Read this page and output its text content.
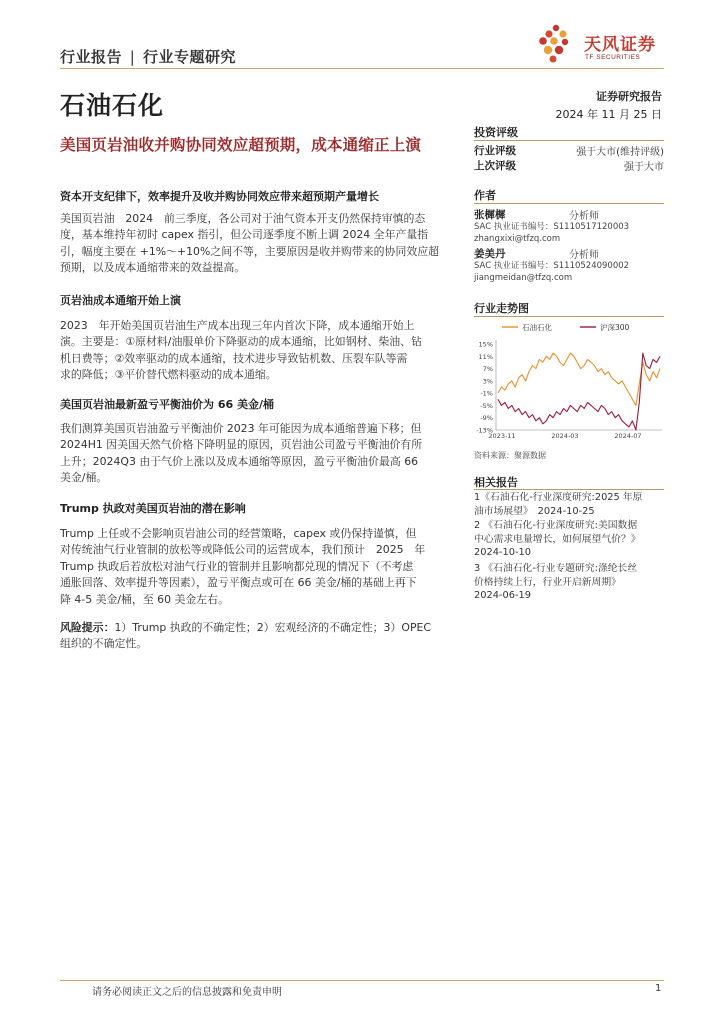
行业报告 | 行业专题研究
天风证券
TF SECURITIES
石油石化
美国页岩油收并购协同效应超预期，成本通缩正上演
证券研究报告
2024 年 11 月 25 日
投资评级
行业评级	强于大市(维持评级)
上次评级	强于大市
作者
张樨樨	分析师
SAC 执业证书编号：S1110517120003
zhangxixi@tfzq.com
姜美丹	分析师
SAC 执业证书编号：S1110524090002
jiangmeidan@tfzq.com
行业走势图
石油石化	沪深300
15%
11%
7%
3%
-1%
-5%
-9%
-13%
2023-11	2024-03	2024-07
资料来源：聚源数据
相关报告
1《石油石化-行业深度研究:2025 年原
油市场展望》　2024-10-25
2 《石油石化-行业深度研究:美国数据
中心需求电量增长，如何展望气价？》
2024-10-10
3 《石油石化-行业专题研究:涤纶长丝
价格持续上行，行业开启新周期》
2024-06-19
资本开支纪律下，效率提升及收并购协同效应带来超预期产量增长
美国页岩油　2024　前三季度，各公司对于油气资本开支仍然保持审慎的态
度，基本维持年初时 capex 指引，但公司逐季度不断上调 2024 全年产量指
引，幅度主要在 +1%～+10%之间不等，主要原因是收并购带来的协同效应超
预期，以及成本通缩带来的效益提高。
页岩油成本通缩开始上演
2023　年开始美国页岩油生产成本出现三年内首次下降，成本通缩开始上
演。主要是：①原材料/油服单价下降驱动的成本通缩，比如钢材、柴油、钻
机日费等；②效率驱动的成本通缩，技术进步导致钻机数、压裂车队等需
求的降低；③平价替代燃料驱动的成本通缩。
美国页岩油最新盈亏平衡油价为 66 美金/桶
我们测算美国页岩油盈亏平衡油价 2023 年可能因为成本通缩普遍下移；但
2024H1 因美国天然气价格下降明显的原因，页岩油公司盈亏平衡油价有所
上升；2024Q3 由于气价上涨以及成本通缩等原因，盈亏平衡油价最高 66
美金/桶。
Trump 执政对美国页岩油的潜在影响
Trump 上任或不会影响页岩油公司的经营策略，capex 或仍保持谨慎，但
对传统油气行业管制的放松等或降低公司的运营成本，我们预计　2025　年
Trump 执政后若放松对油气行业的管制并且影响都兑现的情况下（不考虑
通胀回落、效率提升等因素），盈亏平衡点或可在 66 美金/桶的基础上再下
降 4-5 美金/桶，至 60 美金左右。
风险提示：1）Trump 执政的不确定性；2）宏观经济的不确定性；3）OPEC
组织的不确定性。
请务必阅读正文之后的信息披露和免责申明	1
